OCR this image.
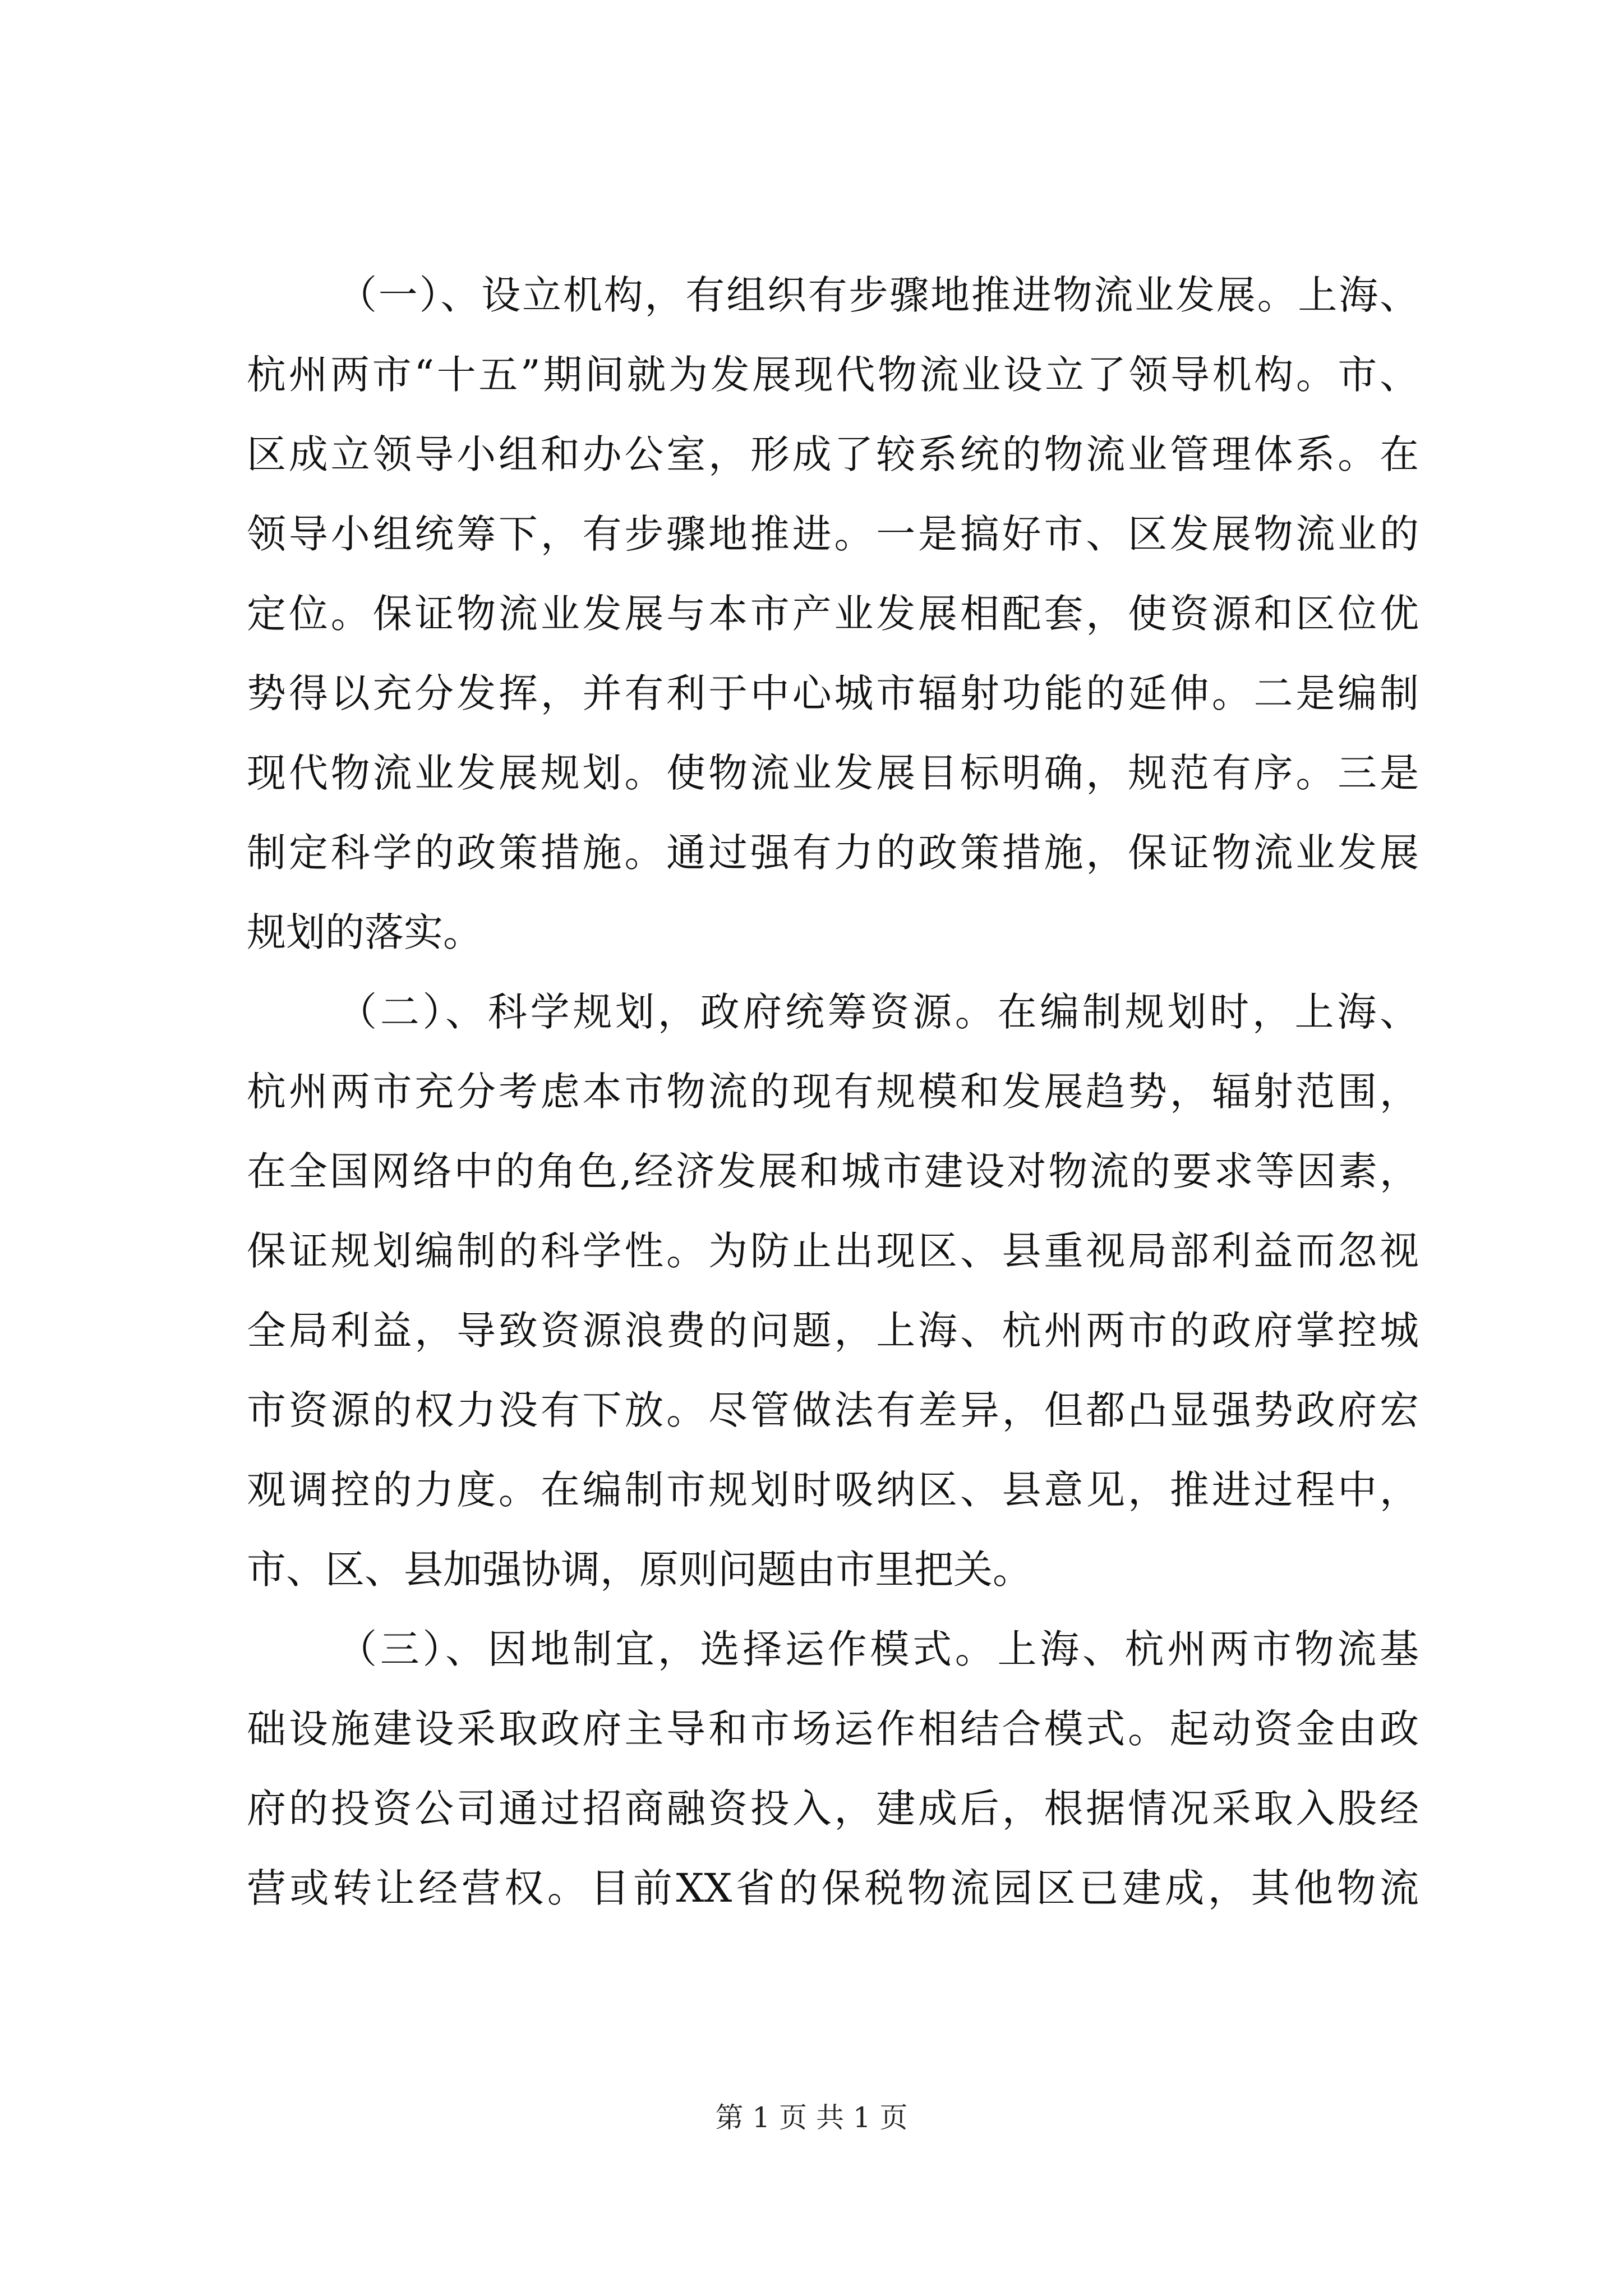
（一）、设立机构，有组织有步骤地推进物流业发展。上海、
杭州两市“十五”期间就为发展现代物流业设立了领导机构。市、
区成立领导小组和办公室，形成了较系统的物流业管理体系。在
领导小组统筹下，有步骤地推进。一是搞好市、区发展物流业的
定位。保证物流业发展与本市产业发展相配套，使资源和区位优
势得以充分发挥，并有利于中心城市辐射功能的延伸。二是编制
现代物流业发展规划。使物流业发展目标明确，规范有序。三是
制定科学的政策措施。通过强有力的政策措施，保证物流业发展
规划的落实。
（二）、科学规划，政府统筹资源。在编制规划时，上海、
杭州两市充分考虑本市物流的现有规模和发展趋势，辐射范围，
在全国网络中的角色,经济发展和城市建设对物流的要求等因素，
保证规划编制的科学性。为防止出现区、县重视局部利益而忽视
全局利益，导致资源浪费的问题，上海、杭州两市的政府掌控城
市资源的权力没有下放。尽管做法有差异，但都凸显强势政府宏
观调控的力度。在编制市规划时吸纳区、县意见，推进过程中，
市、区、县加强协调，原则问题由市里把关。
（三）、因地制宜，选择运作模式。上海、杭州两市物流基
础设施建设采取政府主导和市场运作相结合模式。起动资金由政
府的投资公司通过招商融资投入，建成后，根据情况采取入股经
营或转让经营权。目前XX省的保税物流园区已建成，其他物流
第 1 页 共 1 页
